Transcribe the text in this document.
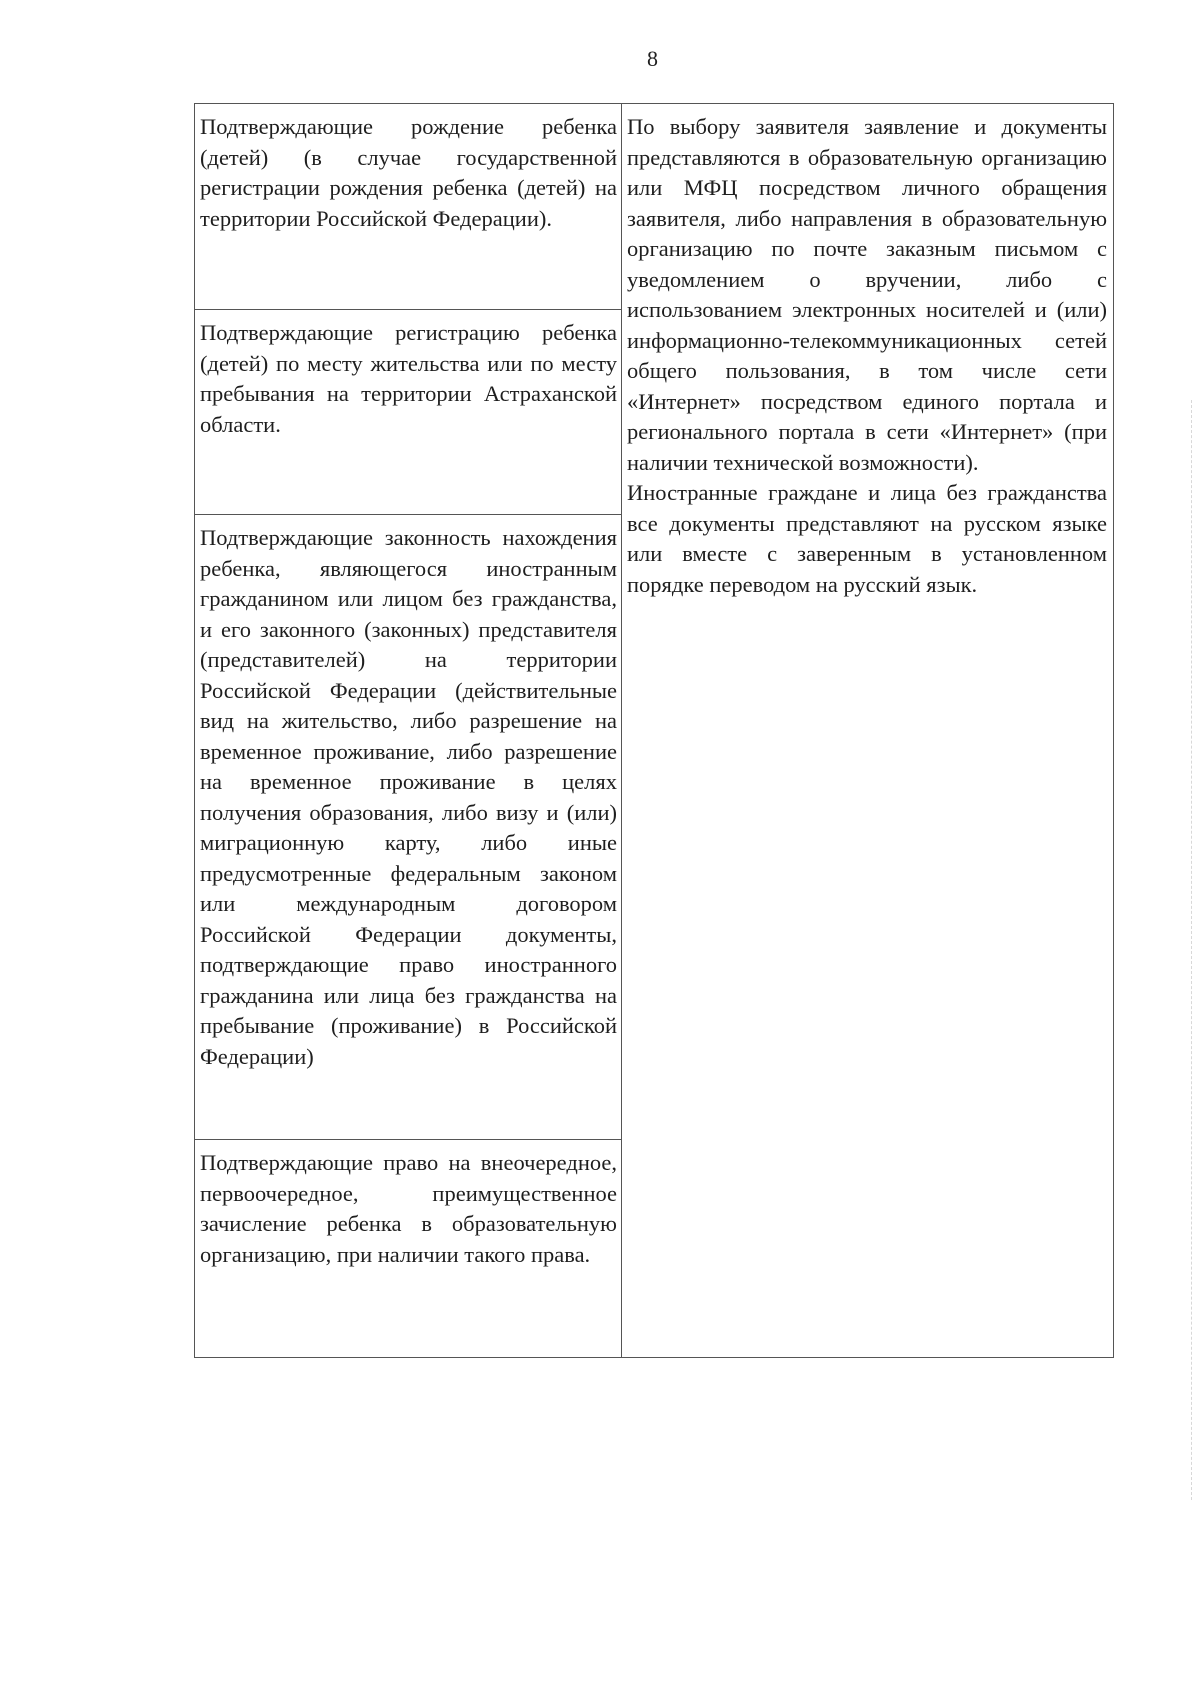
8

Подтверждающие рождение ребенка (детей) (в случае государственной регистрации рождения ребенка (детей) на территории Российской Федерации).

Подтверждающие регистрацию ребенка (детей) по месту жительства или по месту пребывания на территории Астраханской области.

Подтверждающие законность нахождения ребенка, являющегося иностранным гражданином или лицом без гражданства, и его законного (законных) представителя (представителей) на территории Российской Федерации (действительные вид на жительство, либо разрешение на временное проживание, либо разрешение на временное проживание в целях получения образования, либо визу и (или) миграционную карту, либо иные предусмотренные федеральным законом или международным договором Российской Федерации документы, подтверждающие право иностранного гражданина или лица без гражданства на пребывание (проживание) в Российской Федерации)

Подтверждающие право на внеочередное, первоочередное, преимущественное зачисление ребенка в образовательную организацию, при наличии такого права.

По выбору заявителя заявление и документы представляются в образовательную организацию или МФЦ посредством личного обращения заявителя, либо направления в образовательную организацию по почте заказным письмом с уведомлением о вручении, либо с использованием электронных носителей и (или) информационно-телекоммуникационных сетей общего пользования, в том числе сети «Интернет» посредством единого портала и регионального портала в сети «Интернет» (при наличии технической возможности).

Иностранные граждане и лица без гражданства все документы представляют на русском языке или вместе с заверенным в установленном порядке переводом на русский язык.
